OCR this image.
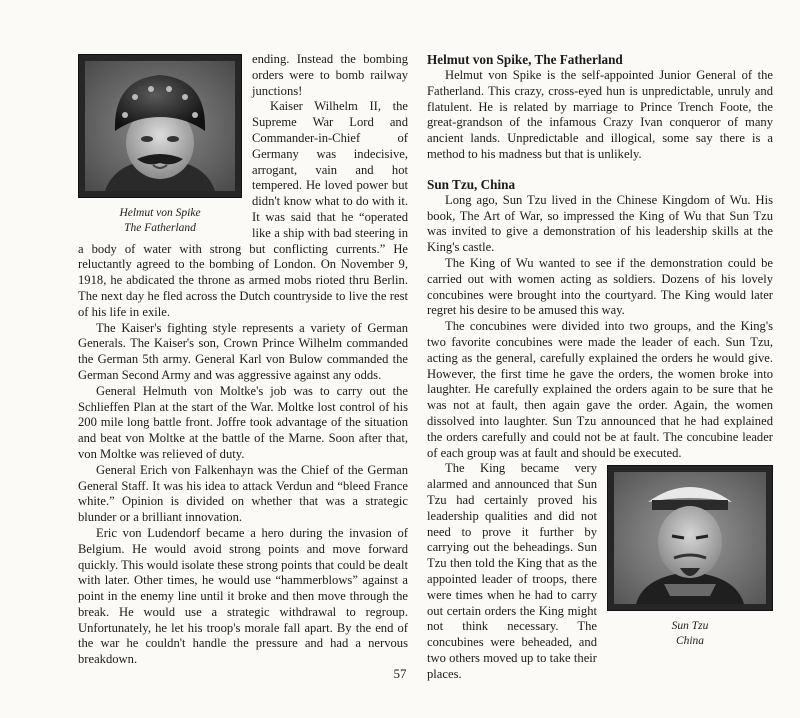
Helmut von Spike
The Fatherland

ending. Instead the bombing orders were to bomb railway junctions!

Kaiser Wilhelm II, the Supreme War Lord and Commander-in-Chief of Germany was indecisive, arrogant, vain and hot tempered. He loved power but didn't know what to do with it. It was said that he “operated like a ship with bad steering in a body of water with strong but conflicting currents.” He reluctantly agreed to the bombing of London. On November 9, 1918, he abdicated the throne as armed mobs rioted thru Berlin. The next day he fled across the Dutch countryside to live the rest of his life in exile.

The Kaiser's fighting style represents a variety of German Generals. The Kaiser's son, Crown Prince Wilhelm commanded the German 5th army. General Karl von Bulow commanded the German Second Army and was aggressive against any odds.

General Helmuth von Moltke's job was to carry out the Schlieffen Plan at the start of the War. Moltke lost control of his 200 mile long battle front. Joffre took advantage of the situation and beat von Moltke at the battle of the Marne. Soon after that, von Moltke was relieved of duty.

General Erich von Falkenhayn was the Chief of the German General Staff. It was his idea to attack Verdun and “bleed France white.” Opinion is divided on whether that was a strategic blunder or a brilliant innovation.

Eric von Ludendorf became a hero during the invasion of Belgium. He would avoid strong points and move forward quickly. This would isolate these strong points that could be dealt with later. Other times, he would use “hammerblows” against a point in the enemy line until it broke and then move through the break. He would use a strategic withdrawal to regroup. Unfortunately, he let his troop's morale fall apart. By the end of the war he couldn't handle the pressure and had a nervous breakdown.

Helmut von Spike, The Fatherland

Helmut von Spike is the self-appointed Junior General of the Fatherland. This crazy, cross-eyed hun is unpredictable, unruly and flatulent. He is related by marriage to Prince Trench Foote, the great-grandson of the infamous Crazy Ivan conqueror of many ancient lands. Unpredictable and illogical, some say there is a method to his madness but that is unlikely.

Sun Tzu, China

Long ago, Sun Tzu lived in the Chinese Kingdom of Wu. His book, The Art of War, so impressed the King of Wu that Sun Tzu was invited to give a demonstration of his leadership skills at the King's castle.

The King of Wu wanted to see if the demonstration could be carried out with women acting as soldiers. Dozens of his lovely concubines were brought into the courtyard. The King would later regret his desire to be amused this way.

The concubines were divided into two groups, and the King's two favorite concubines were made the leader of each. Sun Tzu, acting as the general, carefully explained the orders he would give. However, the first time he gave the orders, the women broke into laughter. He carefully explained the orders again to be sure that he was not at fault, then again gave the order. Again, the women dissolved into laughter. Sun Tzu announced that he had explained the orders carefully and could not be at fault. The concubine leader of each group was at fault and should be executed.

Sun Tzu
China

The King became very alarmed and announced that Sun Tzu had certainly proved his leadership qualities and did not need to prove it further by carrying out the beheadings. Sun Tzu then told the King that as the appointed leader of troops, there were times when he had to carry out certain orders the King might not think necessary. The concubines were beheaded, and two others moved up to take their places.

57
